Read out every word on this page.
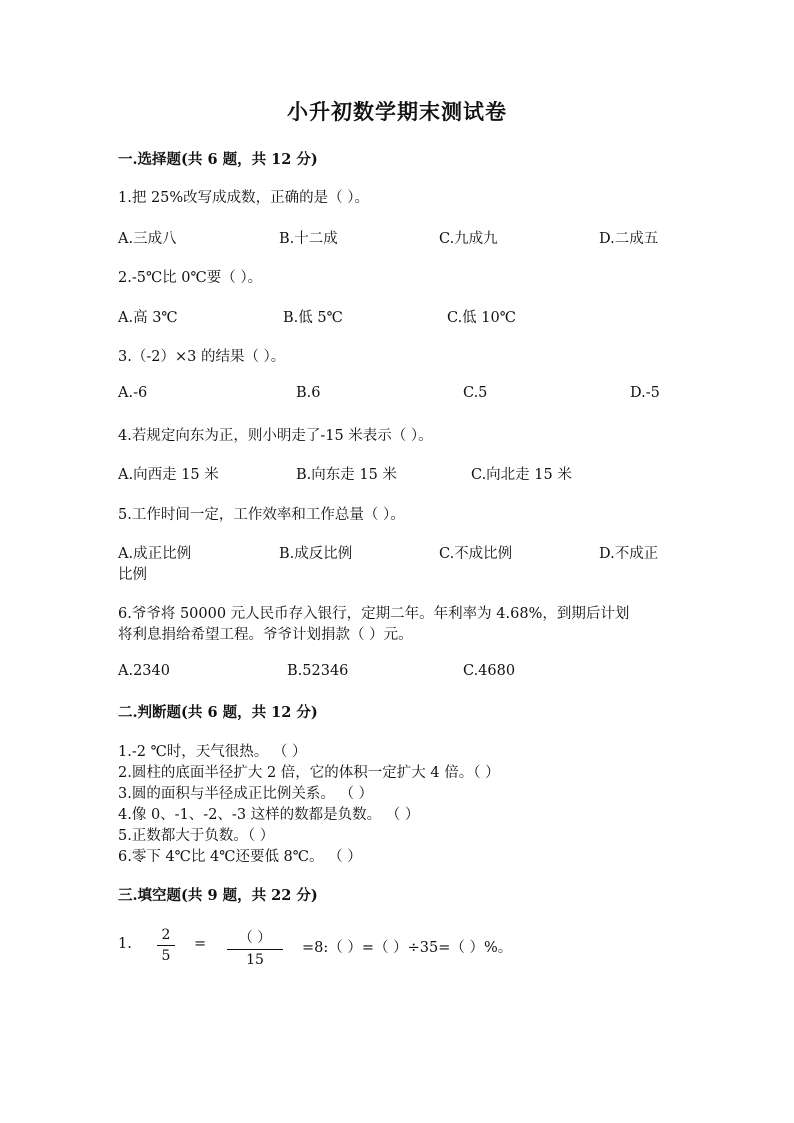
小升初数学期末测试卷
一.选择题(共 6 题，共 12 分)
1.把 25%改写成成数，正确的是（ ）。
A.三成八	B.十二成	C.九成九	D.二成五
2.-5℃比 0℃要（ ）。
A.高 3℃	B.低 5℃	C.低 10℃
3.（-2）×3 的结果（ ）。
A.-6	B.6	C.5	D.-5
4.若规定向东为正，则小明走了-15 米表示（ ）。
A.向西走 15 米	B.向东走 15 米	C.向北走 15 米
5.工作时间一定，工作效率和工作总量（ ）。
A.成正比例	B.成反比例	C.不成比例	D.不成正
比例
6.爷爷将 50000 元人民币存入银行，定期二年。年利率为 4.68%，到期后计划
将利息捐给希望工程。爷爷计划捐款（ ）元。
A.2340	B.52346	C.4680
二.判断题(共 6 题，共 12 分)
1.-2 ℃时，天气很热。 （ ）
2.圆柱的底面半径扩大 2 倍，它的体积一定扩大 4 倍。（ ）
3.圆的面积与半径成正比例关系。 （ ）
4.像 0、-1、-2、-3 这样的数都是负数。 （ ）
5.正数都大于负数。（ ）
6.零下 4℃比 4℃还要低 8℃。 （ ）
三.填空题(共 9 题，共 22 分)
1.
2
5
=	（ ）
15
=8:（ ）=（ ）÷35=（ ）%。
